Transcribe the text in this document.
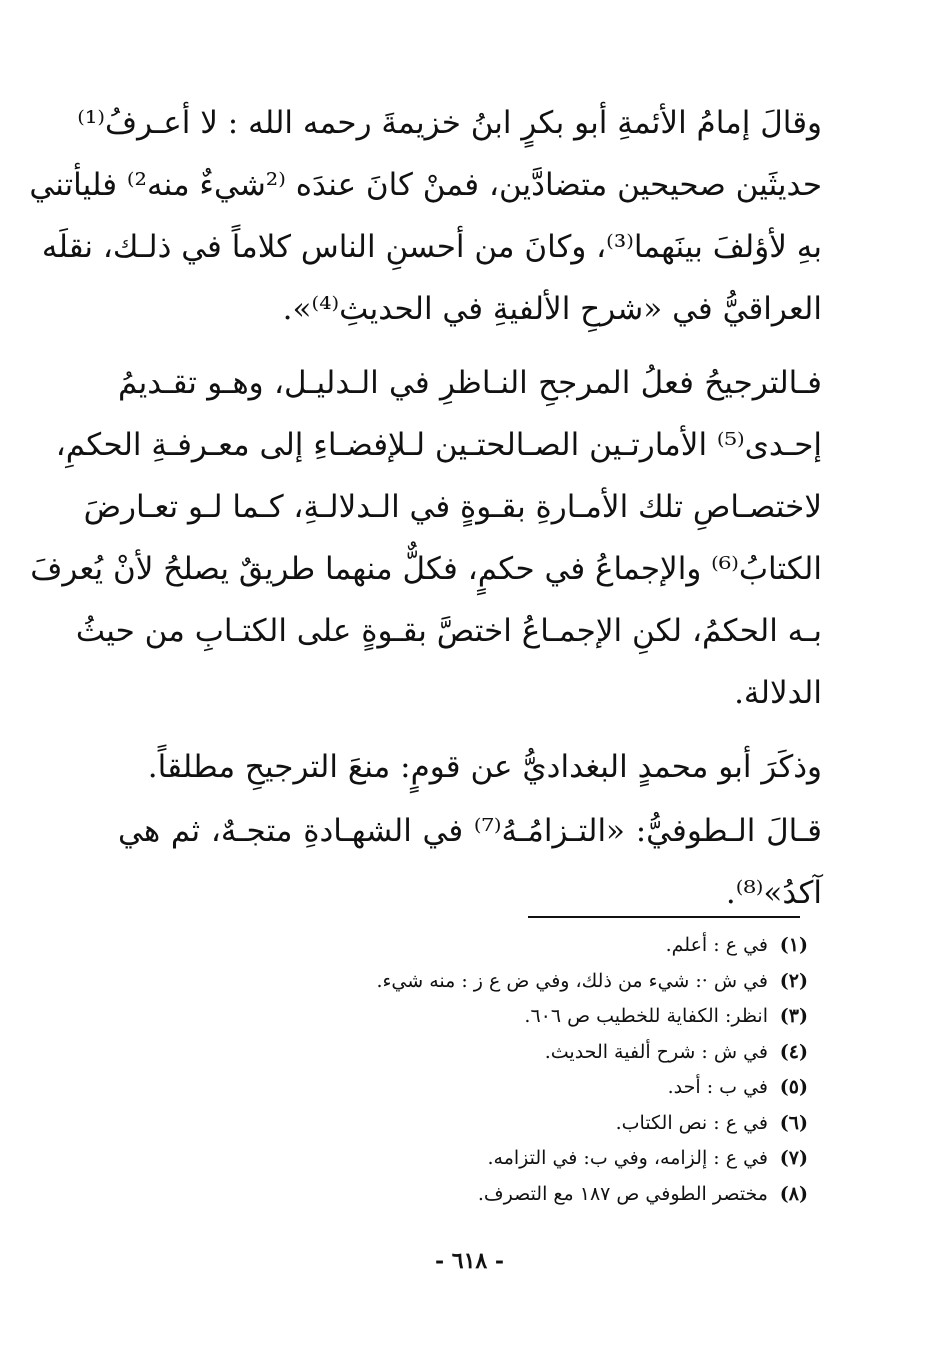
وقالَ إمامُ الأئمةِ أبو بكرٍ ابنُ خزيمةَ رحمه الله : لا أعـرفُ⁽¹⁾
حديثَين صحيحين متضادَّين، فمنْ كانَ عندَه ⁽²شيءٌ منه²⁾ فليأتني
بهِ لأؤلفَ بينَهما⁽³⁾، وكانَ من أحسنِ الناس كلاماً في ذلـك، نقلَه
العراقيُّ في «شرحِ الألفيةِ في الحديثِ⁽⁴⁾».
فـالترجيحُ فعلُ المرجحِ النـاظرِ في الـدليـل، وهـو تقـديمُ
إحـدى⁽⁵⁾ الأمارتـين الصـالحتـين لـلإفضـاءِ إلى معـرفـةِ الحكمِ،
لاختصـاصِ تلك الأمـارةِ بقـوةٍ في الـدلالـةِ، كـما لـو تعـارضَ
الكتابُ⁽⁶⁾ والإجماعُ في حكمٍ، فكلٌّ منهما طريقٌ يصلحُ لأنْ يُعرفَ
بـه الحكمُ، لكنِ الإجمـاعُ اختصَّ بقـوةٍ على الكتـابِ من حيثُ
الدلالة.
وذكَرَ أبو محمدٍ البغداديُّ عن قومٍ: منعَ الترجيحِ مطلقاً.
قـالَ الـطوفيُّ: «التـزامُـهُ⁽⁷⁾ في الشهـادةِ متجـهٌ، ثم هي
آكدُ»⁽⁸⁾.
(١)
في ع : أعلم.
(٢)
في ش ·: شيء من ذلك، وفي ض ع ز : منه شيء.
(٣)
انظر: الكفاية للخطيب ص ٦٠٦.
(٤)
في ش : شرح ألفية الحديث.
(٥)
في ب : أحد.
(٦)
في ع : نص الكتاب.
(٧)
في ع : إلزامه، وفي ب: في التزامه.
(٨)
مختصر الطوفي ص ١٨٧ مع التصرف.
- ٦١٨ -
